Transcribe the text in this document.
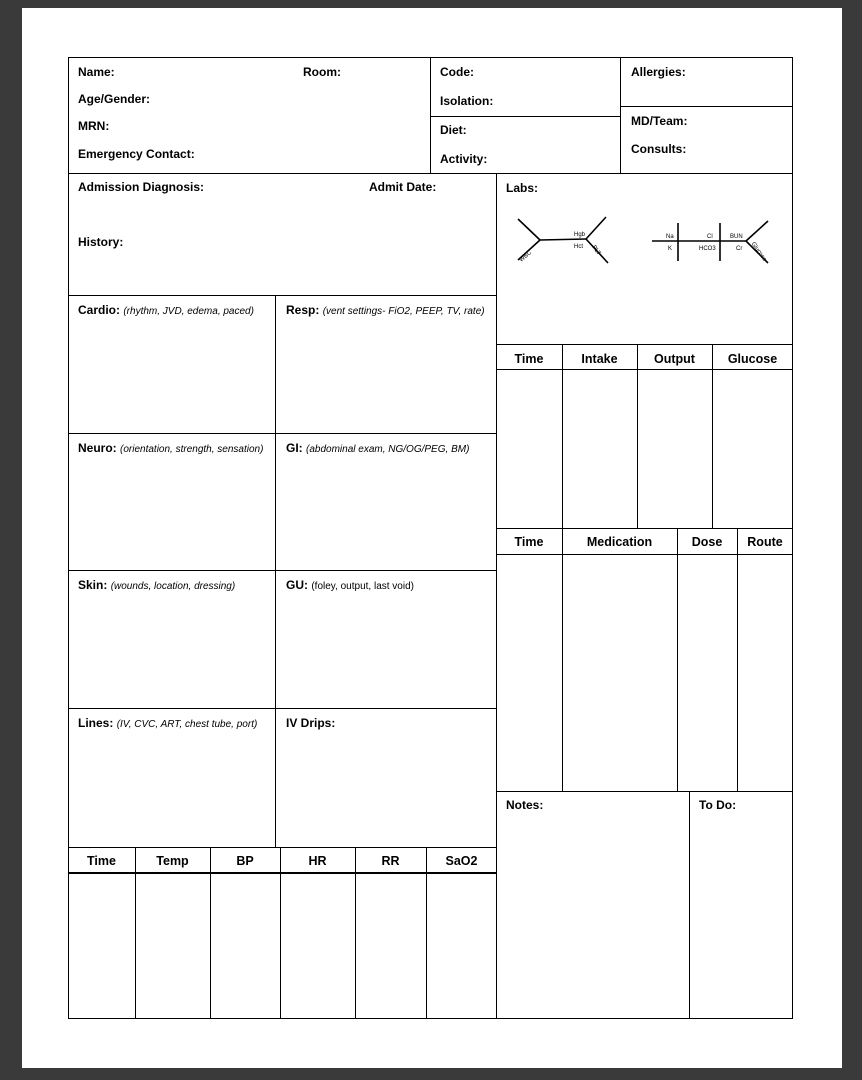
Name:	Room:
Age/Gender:
MRN:
Emergency Contact:
Code:
Isolation:
Diet:
Activity:
Allergies:
MD/Team:
Consults:
Admission Diagnosis:	Admit Date:
History:
Labs:
WBC
Hgb
Hct PLT
Na
K
Cl
HCO3
BUN
Cr Glucose
Cardio: (rhythm, JVD, edema, paced)	Resp: (vent settings- FiO2, PEEP, TV, rate)
Neuro: (orientation, strength, sensation) GI: (abdominal exam, NG/OG/PEG, BM)
Skin: (wounds, location, dressing)	GU: (foley, output, last void)
Lines: (IV, CVC, ART, chest tube, port) IV Drips:
Time	Intake	Output	Glucose
Time	Medication	Dose	Route
Notes:	To Do:
Time	Temp	BP	HR	RR	SaO2
